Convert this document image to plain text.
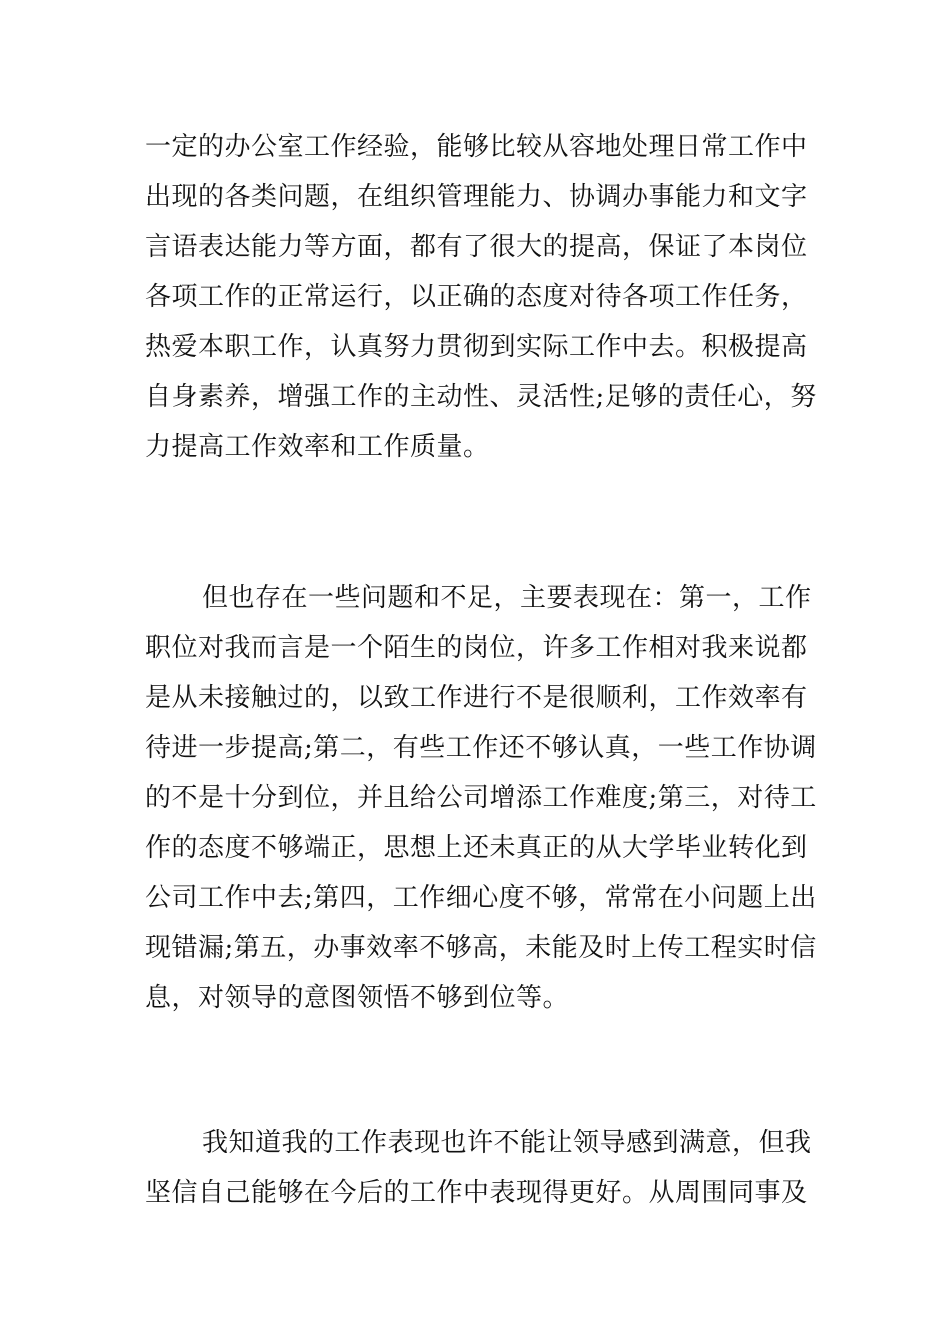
一定的办公室工作经验，能够比较从容地处理日常工作中
出现的各类问题，在组织管理能力、协调办事能力和文字
言语表达能力等方面，都有了很大的提高，保证了本岗位
各项工作的正常运行，以正确的态度对待各项工作任务，
热爱本职工作，认真努力贯彻到实际工作中去。积极提高
自身素养，增强工作的主动性、灵活性;足够的责任心，努
力提高工作效率和工作质量。

但也存在一些问题和不足，主要表现在：第一，工作
职位对我而言是一个陌生的岗位，许多工作相对我来说都
是从未接触过的，以致工作进行不是很顺利，工作效率有
待进一步提高;第二，有些工作还不够认真，一些工作协调
的不是十分到位，并且给公司增添工作难度;第三，对待工
作的态度不够端正，思想上还未真正的从大学毕业转化到
公司工作中去;第四，工作细心度不够，常常在小问题上出
现错漏;第五，办事效率不够高，未能及时上传工程实时信
息，对领导的意图领悟不够到位等。

我知道我的工作表现也许不能让领导感到满意，但我
坚信自己能够在今后的工作中表现得更好。从周围同事及
